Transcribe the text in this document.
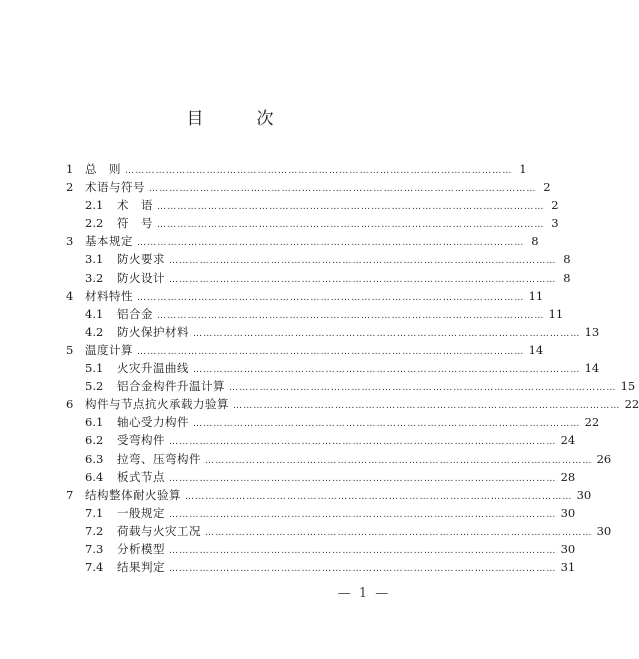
目　次
1	总　则 …………………………………………………………………………………………………… 1
2	术语与符号 …………………………………………………………………………………………………… 2
2.1	术　语 …………………………………………………………………………………………………… 2
2.2	符　号 …………………………………………………………………………………………………… 3
3	基本规定 …………………………………………………………………………………………………… 8
3.1	防火要求 …………………………………………………………………………………………………… 8
3.2	防火设计 …………………………………………………………………………………………………… 8
4	材料特性 …………………………………………………………………………………………………… 11
4.1	铝合金 …………………………………………………………………………………………………… 11
4.2	防火保护材料 …………………………………………………………………………………………………… 13
5	温度计算 …………………………………………………………………………………………………… 14
5.1	火灾升温曲线 …………………………………………………………………………………………………… 14
5.2	铝合金构件升温计算 …………………………………………………………………………………………………… 15
6	构件与节点抗火承载力验算 …………………………………………………………………………………………………… 22
6.1	轴心受力构件 …………………………………………………………………………………………………… 22
6.2	受弯构件 …………………………………………………………………………………………………… 24
6.3	拉弯、压弯构件 …………………………………………………………………………………………………… 26
6.4	板式节点 …………………………………………………………………………………………………… 28
7	结构整体耐火验算 …………………………………………………………………………………………………… 30
7.1	一般规定 …………………………………………………………………………………………………… 30
7.2	荷载与火灾工况 …………………………………………………………………………………………………… 30
7.3	分析模型 …………………………………………………………………………………………………… 30
7.4	结果判定 …………………………………………………………………………………………………… 31
— 1 —
